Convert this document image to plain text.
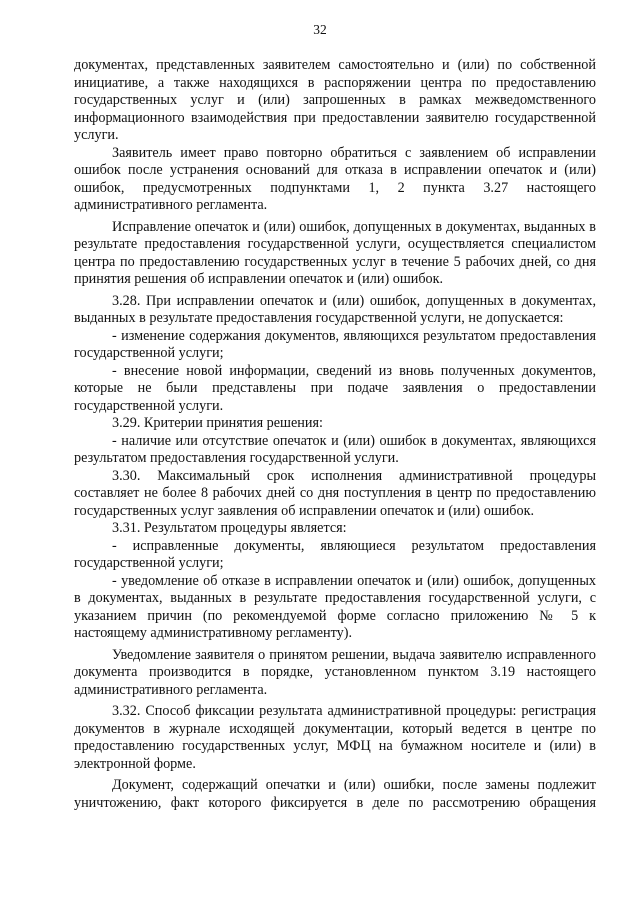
32

документах, представленных заявителем самостоятельно и (или) по собственной инициативе, а также находящихся в распоряжении центра по предоставлению государственных услуг и (или) запрошенных в рамках межведомственного информационного взаимодействия при предоставлении заявителю государственной услуги.

Заявитель имеет право повторно обратиться с заявлением об исправлении ошибок после устранения оснований для отказа в исправлении опечаток и (или) ошибок, предусмотренных подпунктами 1, 2 пункта 3.27 настоящего административного регламента.

Исправление опечаток и (или) ошибок, допущенных в документах, выданных в результате предоставления государственной услуги, осуществляется специалистом центра по предоставлению государственных услуг в течение 5 рабочих дней, со дня принятия решения об исправлении опечаток и (или) ошибок.

3.28. При исправлении опечаток и (или) ошибок, допущенных в документах, выданных в результате предоставления государственной услуги, не допускается:

- изменение содержания документов, являющихся результатом предоставления государственной услуги;

- внесение новой информации, сведений из вновь полученных документов, которые не были представлены при подаче заявления о предоставлении государственной услуги.

3.29. Критерии принятия решения:

- наличие или отсутствие опечаток и (или) ошибок в документах, являющихся результатом предоставления государственной услуги.

3.30. Максимальный срок исполнения административной процедуры составляет не более 8 рабочих дней со дня поступления в центр по предоставлению государственных услуг заявления об исправлении опечаток и (или) ошибок.

3.31. Результатом процедуры является:

- исправленные документы, являющиеся результатом предоставления государственной услуги;

- уведомление об отказе в исправлении опечаток и (или) ошибок, допущенных в документах, выданных в результате предоставления государственной услуги, с указанием причин (по рекомендуемой форме согласно приложению № 5 к настоящему административному регламенту).

Уведомление заявителя о принятом решении, выдача заявителю исправленного документа производится в порядке, установленном пунктом 3.19 настоящего административного регламента.

3.32. Способ фиксации результата административной процедуры: регистрация документов в журнале исходящей документации, который ведется в центре по предоставлению государственных услуг, МФЦ на бумажном носителе и (или) в электронной форме.

Документ, содержащий опечатки и (или) ошибки, после замены подлежит уничтожению, факт которого фиксируется в деле по рассмотрению обращения
